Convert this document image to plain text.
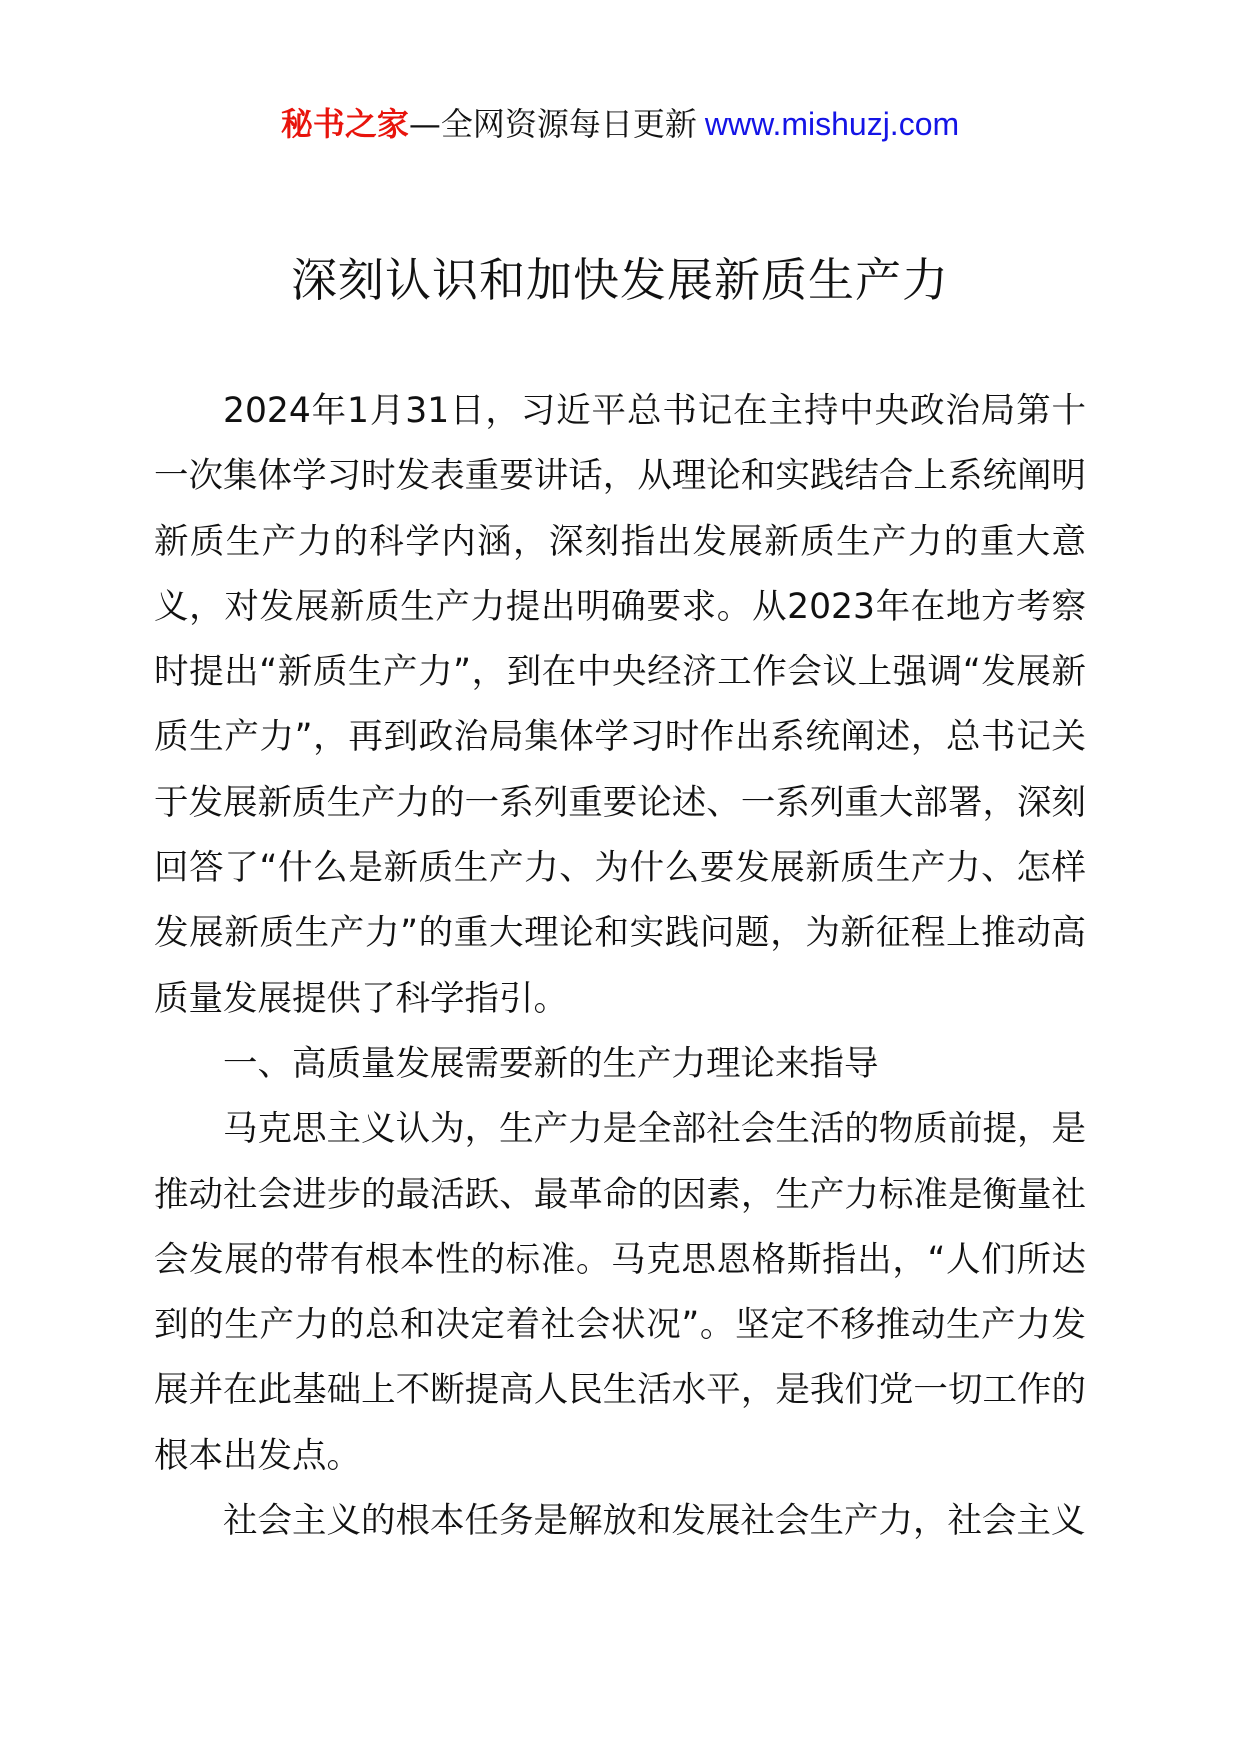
秘书之家—全网资源每日更新 www.mishuzj.com
深刻认识和加快发展新质生产力

2024年1月31日，习近平总书记在主持中央政治局第十一次集体学习时发表重要讲话，从理论和实践结合上系统阐明新质生产力的科学内涵，深刻指出发展新质生产力的重大意义，对发展新质生产力提出明确要求。从2023年在地方考察时提出“新质生产力”，到在中央经济工作会议上强调“发展新质生产力”，再到政治局集体学习时作出系统阐述，总书记关于发展新质生产力的一系列重要论述、一系列重大部署，深刻回答了“什么是新质生产力、为什么要发展新质生产力、怎样发展新质生产力”的重大理论和实践问题，为新征程上推动高质量发展提供了科学指引。

一、高质量发展需要新的生产力理论来指导

马克思主义认为，生产力是全部社会生活的物质前提，是推动社会进步的最活跃、最革命的因素，生产力标准是衡量社会发展的带有根本性的标准。马克思恩格斯指出，“人们所达到的生产力的总和决定着社会状况”。坚定不移推动生产力发展并在此基础上不断提高人民生活水平，是我们党一切工作的根本出发点。

社会主义的根本任务是解放和发展社会生产力，社会主义
